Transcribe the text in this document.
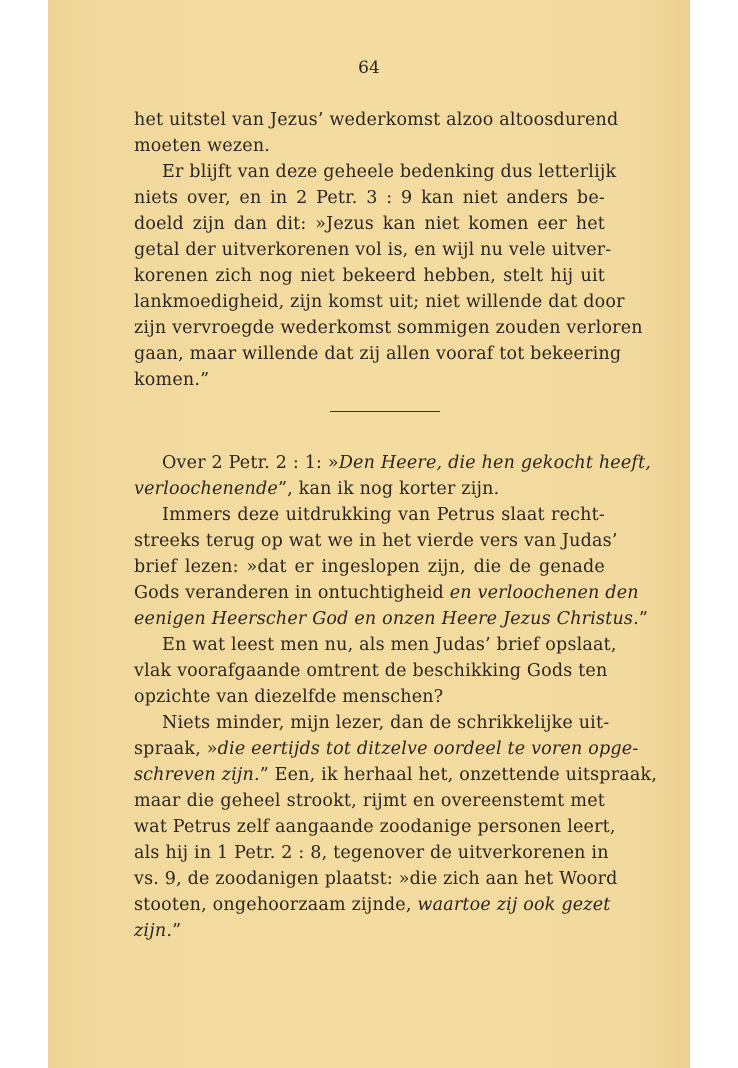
64
het uitstel van Jezus’ wederkomst alzoo altoosdurend
moeten wezen.
Er blijft van deze geheele bedenking dus letterlijk
niets over, en in 2 Petr. 3 : 9 kan niet anders be-
doeld zijn dan dit: »Jezus kan niet komen eer het
getal der uitverkorenen vol is, en wijl nu vele uitver-
korenen zich nog niet bekeerd hebben, stelt hij uit
lankmoedigheid, zijn komst uit; niet willende dat door
zijn vervroegde wederkomst sommigen zouden verloren
gaan, maar willende dat zij allen vooraf tot bekeering
komen.”
Over 2 Petr. 2 : 1: »Den Heere, die hen gekocht heeft,
verloochenende”, kan ik nog korter zijn.
Immers deze uitdrukking van Petrus slaat recht-
streeks terug op wat we in het vierde vers van Judas’
brief lezen: »dat er ingeslopen zijn, die de genade
Gods veranderen in ontuchtigheid en verloochenen den
eenigen Heerscher God en onzen Heere Jezus Christus.”
En wat leest men nu, als men Judas’ brief opslaat,
vlak voorafgaande omtrent de beschikking Gods ten
opzichte van diezelfde menschen?
Niets minder, mijn lezer, dan de schrikkelijke uit-
spraak, »die eertijds tot ditzelve oordeel te voren opge-
schreven zijn.” Een, ik herhaal het, onzettende uitspraak,
maar die geheel strookt, rijmt en overeenstemt met
wat Petrus zelf aangaande zoodanige personen leert,
als hij in 1 Petr. 2 : 8, tegenover de uitverkorenen in
vs. 9, de zoodanigen plaatst: »die zich aan het Woord
stooten, ongehoorzaam zijnde, waartoe zij ook gezet
zijn.”
